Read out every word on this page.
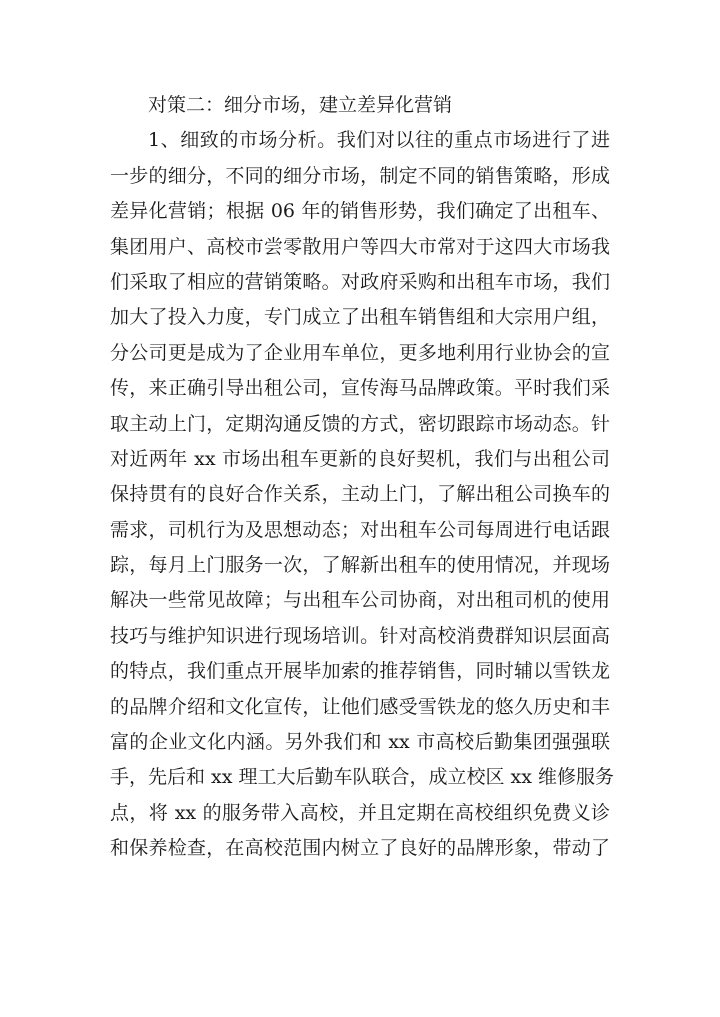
对策二：细分市场，建立差异化营销
1、细致的市场分析。我们对以往的重点市场进行了进
一步的细分，不同的细分市场，制定不同的销售策略，形成
差异化营销；根据 06 年的销售形势，我们确定了出租车、
集团用户、高校市尝零散用户等四大市常对于这四大市场我
们采取了相应的营销策略。对政府采购和出租车市场，我们
加大了投入力度，专门成立了出租车销售组和大宗用户组，
分公司更是成为了企业用车单位，更多地利用行业协会的宣
传，来正确引导出租公司，宣传海马品牌政策。平时我们采
取主动上门，定期沟通反馈的方式，密切跟踪市场动态。针
对近两年 xx 市场出租车更新的良好契机，我们与出租公司
保持贯有的良好合作关系，主动上门，了解出租公司换车的
需求，司机行为及思想动态；对出租车公司每周进行电话跟
踪，每月上门服务一次，了解新出租车的使用情况，并现场
解决一些常见故障；与出租车公司协商，对出租司机的使用
技巧与维护知识进行现场培训。针对高校消费群知识层面高
的特点，我们重点开展毕加索的推荐销售，同时辅以雪铁龙
的品牌介绍和文化宣传，让他们感受雪铁龙的悠久历史和丰
富的企业文化内涵。另外我们和 xx 市高校后勤集团强强联
手，先后和 xx 理工大后勤车队联合，成立校区 xx 维修服务
点，将 xx 的服务带入高校，并且定期在高校组织免费义诊
和保养检查，在高校范围内树立了良好的品牌形象，带动了
